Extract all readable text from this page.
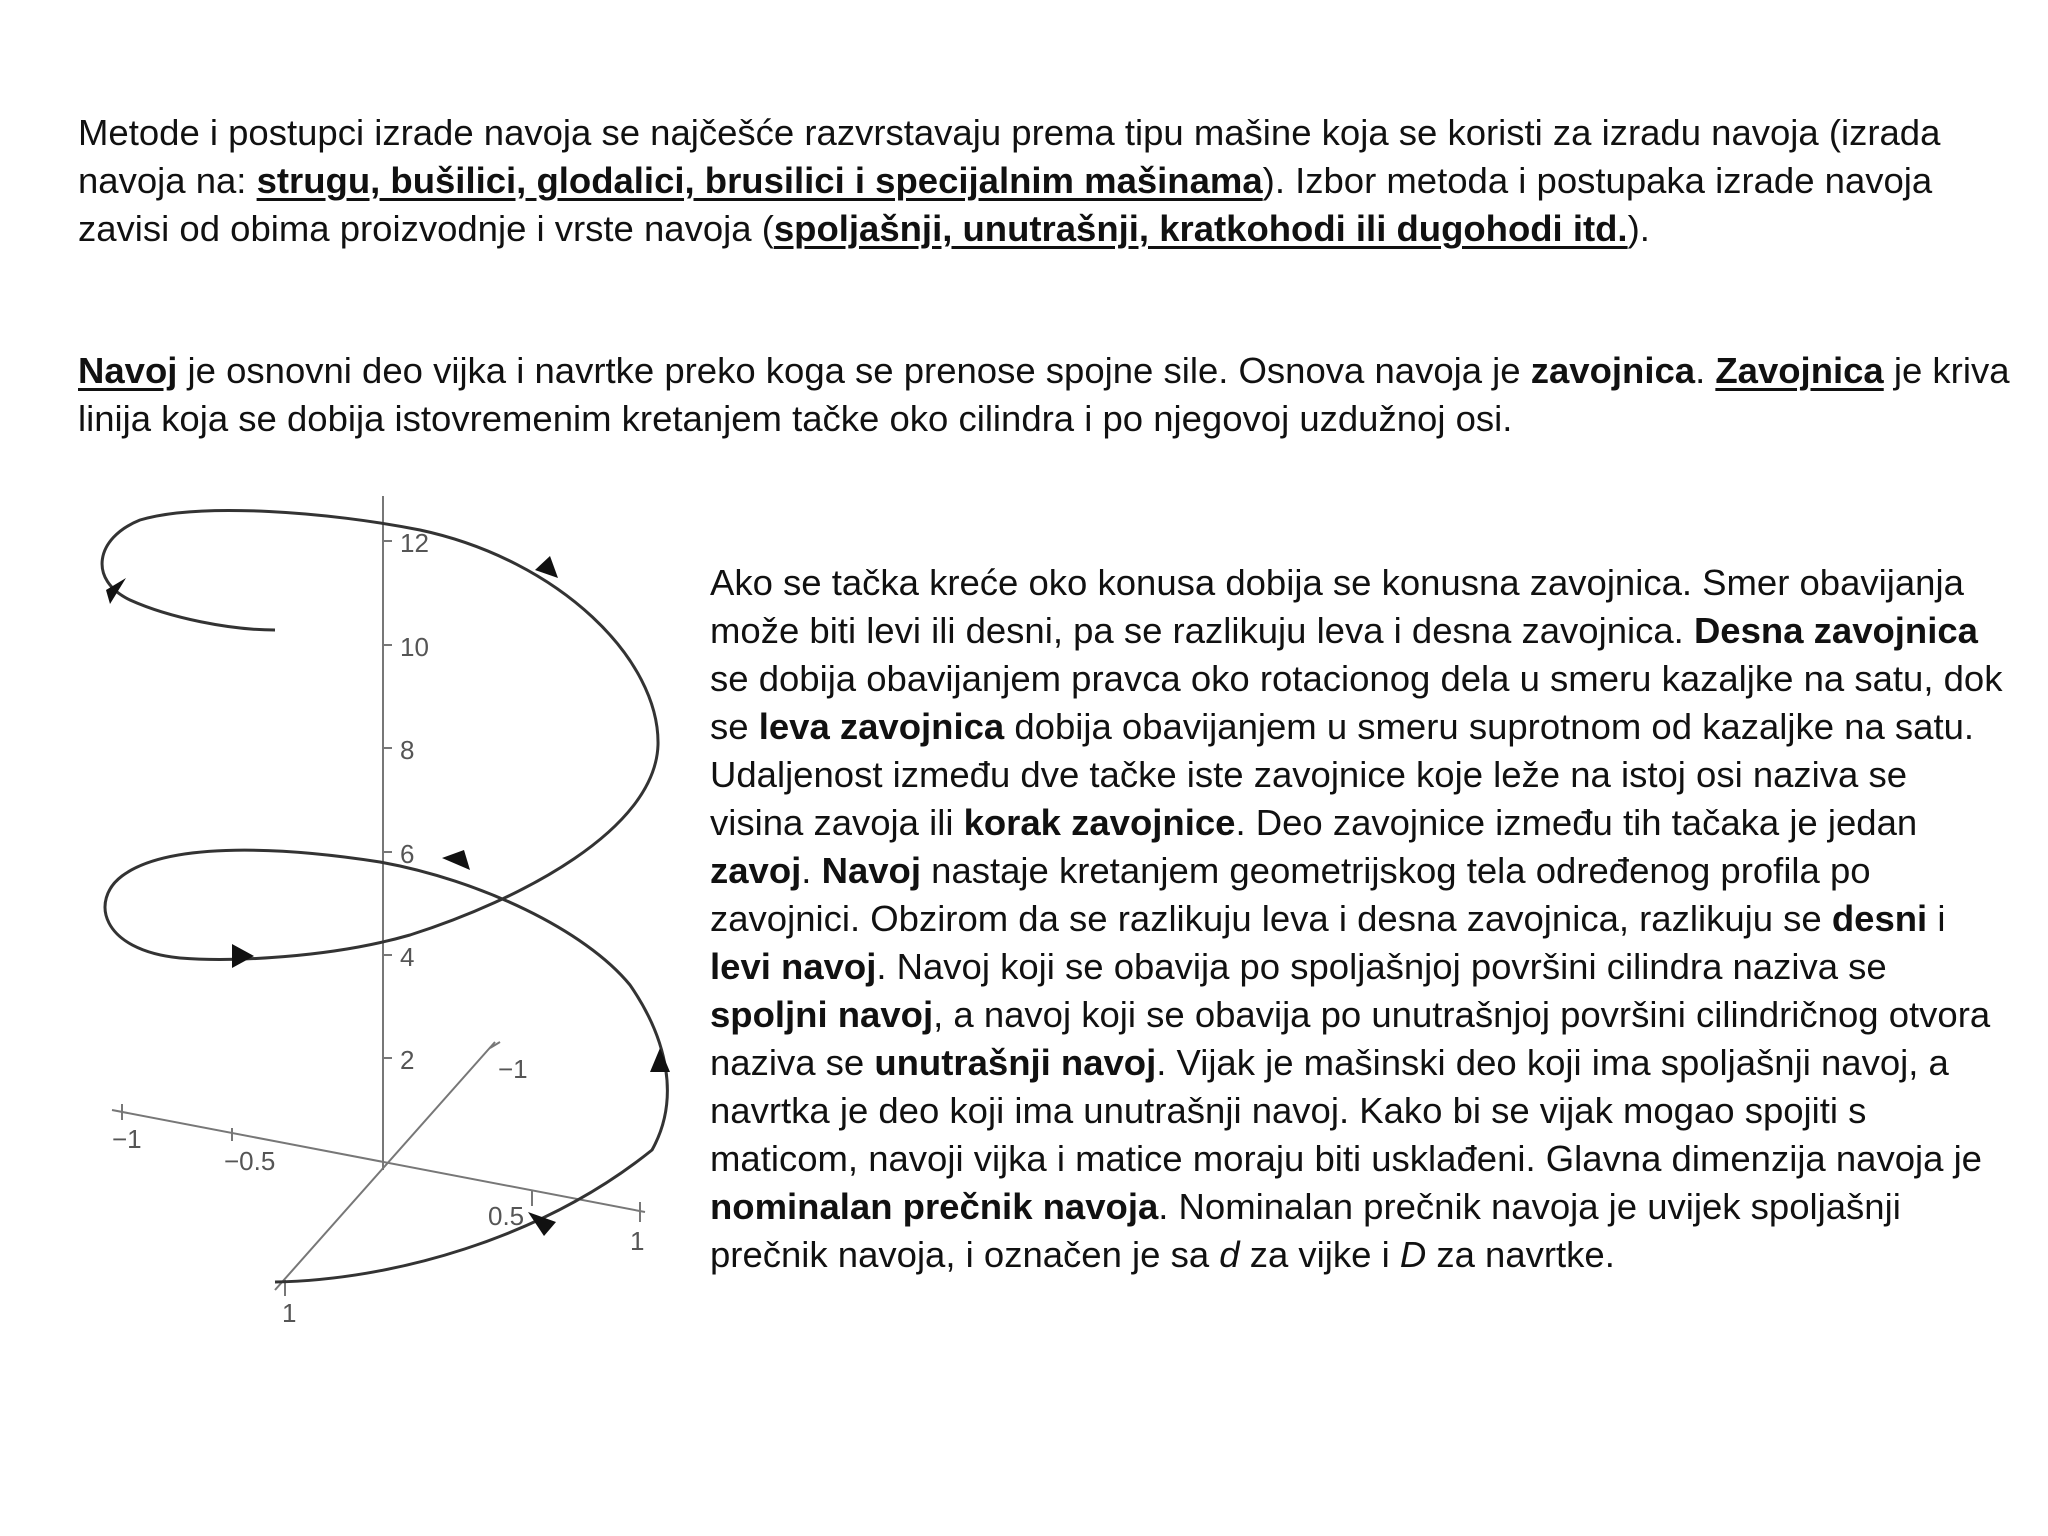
Metode i postupci izrade navoja se najčešće razvrstavaju prema tipu mašine koja se koristi za izradu navoja (izrada navoja na: strugu, bušilici, glodalici, brusilici i specijalnim mašinama). Izbor metoda i postupaka izrade navoja zavisi od obima proizvodnje i vrste navoja (spoljašnji, unutrašnji, kratkohodi ili dugohodi itd.).

Navoj je osnovni deo vijka i navrtke preko koga se prenose spojne sile. Osnova navoja je zavojnica. Zavojnica je kriva linija koja se dobija istovremenim kretanjem tačke oko cilindra i po njegovoj uzdužnoj osi.

2
4
6
8
10
12
−1
−0.5
0.5
1
−1
1

Ako se tačka kreće oko konusa dobija se konusna zavojnica. Smer obavijanja može biti levi ili desni, pa se razlikuju leva i desna zavojnica. Desna zavojnica se dobija obavijanjem pravca oko rotacionog dela u smeru kazaljke na satu, dok se leva zavojnica dobija obavijanjem u smeru suprotnom od kazaljke na satu. Udaljenost između dve tačke iste zavojnice koje leže na istoj osi naziva se visina zavoja ili korak zavojnice. Deo zavojnice između tih tačaka je jedan zavoj. Navoj nastaje kretanjem geometrijskog tela određenog profila po zavojnici. Obzirom da se razlikuju leva i desna zavojnica, razlikuju se desni i levi navoj. Navoj koji se obavija po spoljašnjoj površini cilindra naziva se spoljni navoj, a navoj koji se obavija po unutrašnjoj površini cilindričnog otvora naziva se unutrašnji navoj. Vijak je mašinski deo koji ima spoljašnji navoj, a navrtka je deo koji ima unutrašnji navoj. Kako bi se vijak mogao spojiti s maticom, navoji vijka i matice moraju biti usklađeni. Glavna dimenzija navoja je nominalan prečnik navoja. Nominalan prečnik navoja je uvijek spoljašnji prečnik navoja, i označen je sa d za vijke i D za navrtke.
